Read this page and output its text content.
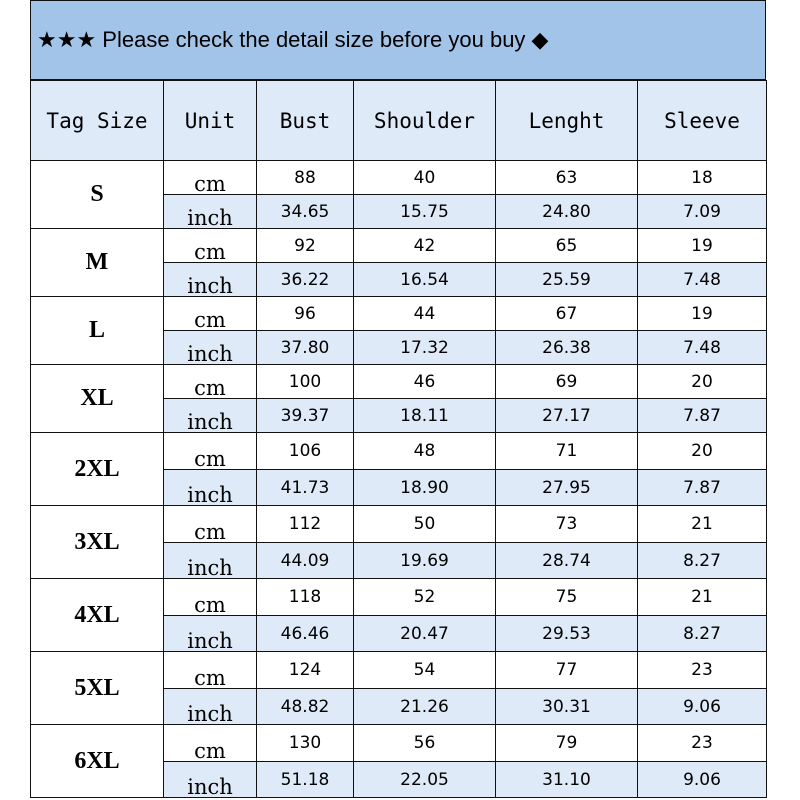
★★★ Please check the detail size before you buy ◆
Tag Size	Unit	Bust	Shoulder	Lenght	Sleeve
S	cm	88	40	63	18
	inch	34.65	15.75	24.80	7.09
M	cm	92	42	65	19
	inch	36.22	16.54	25.59	7.48
L	cm	96	44	67	19
	inch	37.80	17.32	26.38	7.48
XL	cm	100	46	69	20
	inch	39.37	18.11	27.17	7.87
2XL	cm	106	48	71	20
	inch	41.73	18.90	27.95	7.87
3XL	cm	112	50	73	21
	inch	44.09	19.69	28.74	8.27
4XL	cm	118	52	75	21
	inch	46.46	20.47	29.53	8.27
5XL	cm	124	54	77	23
	inch	48.82	21.26	30.31	9.06
6XL	cm	130	56	79	23
	inch	51.18	22.05	31.10	9.06
